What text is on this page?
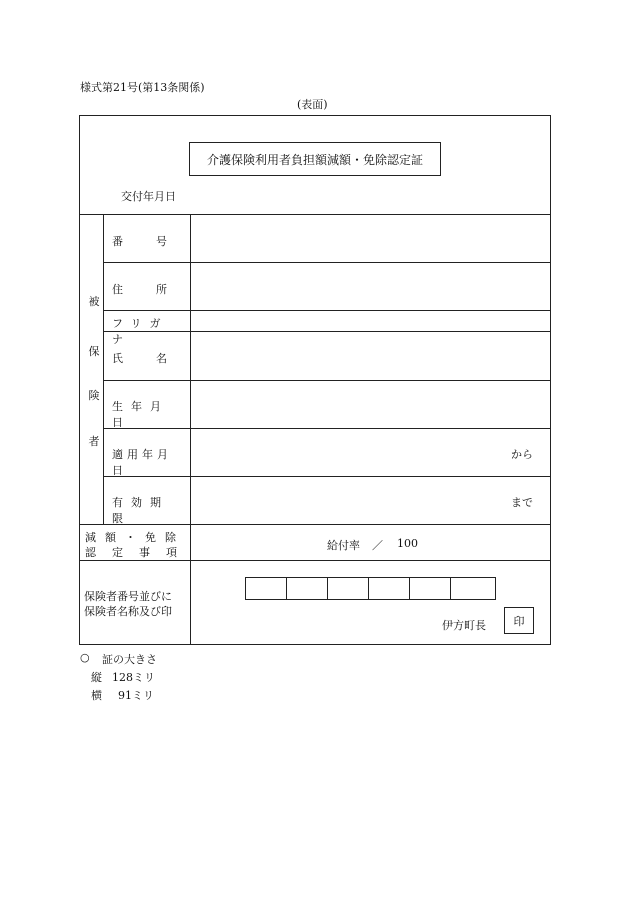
様式第21号(第13条関係)
(表面)
介護保険利用者負担額減額・免除認定証
交付年月日
被
保
険
者
番　　　号
住　　　所
フリガナ
氏　　　名
生年月日
適用年月日
有効期限
から
まで
減額・免除
認定事項
給付率 ／ 100
保険者番号並びに
保険者名称及び印
伊方町長	印
○ 証の大きさ
縦 128ミリ
横 91ミリ
